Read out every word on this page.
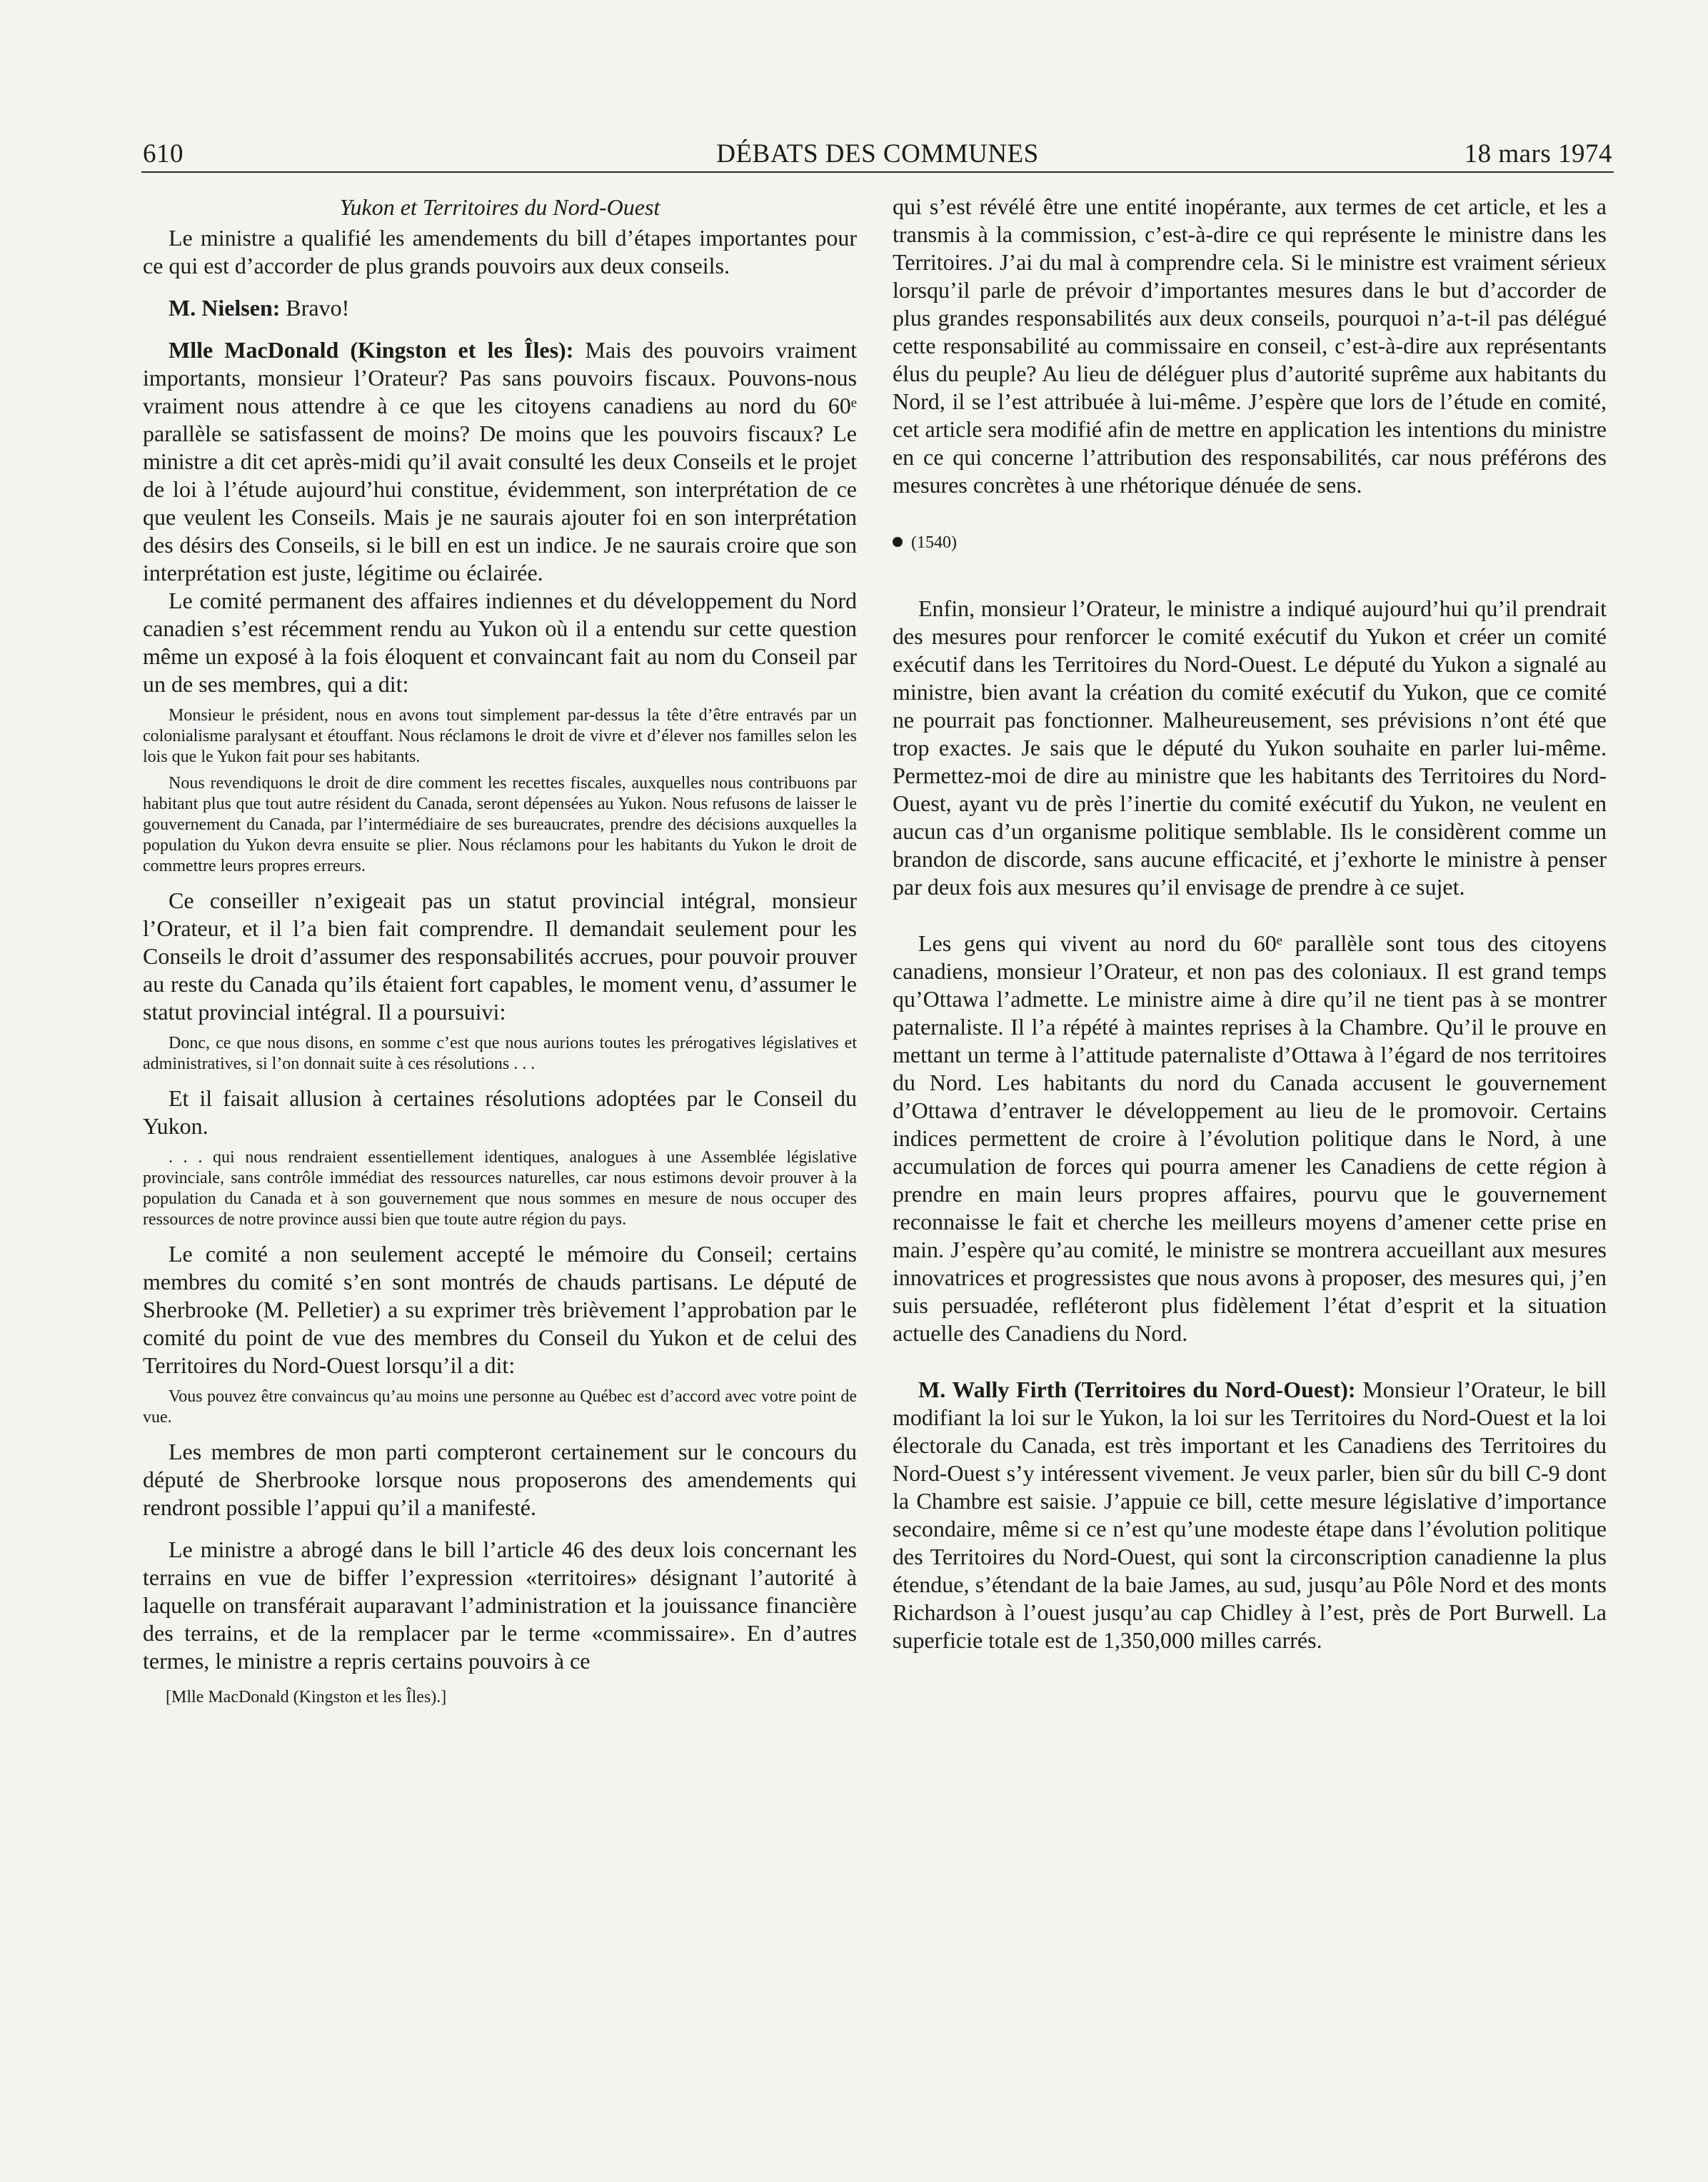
610	DÉBATS DES COMMUNES	18 mars 1974
Yukon et Territoires du Nord-Ouest

Le ministre a qualifié les amendements du bill d’étapes importantes pour ce qui est d’accorder de plus grands pouvoirs aux deux conseils.

M. Nielsen: Bravo!

Mlle MacDonald (Kingston et les Îles): Mais des pouvoirs vraiment importants, monsieur l’Orateur? Pas sans pouvoirs fiscaux. Pouvons-nous vraiment nous attendre à ce que les citoyens canadiens au nord du 60ᵉ parallèle se satisfassent de moins? De moins que les pouvoirs fiscaux? Le ministre a dit cet après-midi qu’il avait consulté les deux Conseils et le projet de loi à l’étude aujourd’hui constitue, évidemment, son interprétation de ce que veulent les Conseils. Mais je ne saurais ajouter foi en son interprétation des désirs des Conseils, si le bill en est un indice. Je ne saurais croire que son interprétation est juste, légitime ou éclairée.

Le comité permanent des affaires indiennes et du développement du Nord canadien s’est récemment rendu au Yukon où il a entendu sur cette question même un exposé à la fois éloquent et convaincant fait au nom du Conseil par un de ses membres, qui a dit:

Monsieur le président, nous en avons tout simplement par-dessus la tête d’être entravés par un colonialisme paralysant et étouffant. Nous réclamons le droit de vivre et d’élever nos familles selon les lois que le Yukon fait pour ses habitants.

Nous revendiquons le droit de dire comment les recettes fiscales, auxquelles nous contribuons par habitant plus que tout autre résident du Canada, seront dépensées au Yukon. Nous refusons de laisser le gouvernement du Canada, par l’intermédiaire de ses bureaucrates, prendre des décisions auxquelles la population du Yukon devra ensuite se plier. Nous réclamons pour les habitants du Yukon le droit de commettre leurs propres erreurs.

Ce conseiller n’exigeait pas un statut provincial intégral, monsieur l’Orateur, et il l’a bien fait comprendre. Il demandait seulement pour les Conseils le droit d’assumer des responsabilités accrues, pour pouvoir prouver au reste du Canada qu’ils étaient fort capables, le moment venu, d’assumer le statut provincial intégral. Il a poursuivi:

Donc, ce que nous disons, en somme c’est que nous aurions toutes les prérogatives législatives et administratives, si l’on donnait suite à ces résolutions . . .

Et il faisait allusion à certaines résolutions adoptées par le Conseil du Yukon.

. . . qui nous rendraient essentiellement identiques, analogues à une Assemblée législative provinciale, sans contrôle immédiat des ressources naturelles, car nous estimons devoir prouver à la population du Canada et à son gouvernement que nous sommes en mesure de nous occuper des ressources de notre province aussi bien que toute autre région du pays.

Le comité a non seulement accepté le mémoire du Conseil; certains membres du comité s’en sont montrés de chauds partisans. Le député de Sherbrooke (M. Pelletier) a su exprimer très brièvement l’approbation par le comité du point de vue des membres du Conseil du Yukon et de celui des Territoires du Nord-Ouest lorsqu’il a dit:

Vous pouvez être convaincus qu’au moins une personne au Québec est d’accord avec votre point de vue.

Les membres de mon parti compteront certainement sur le concours du député de Sherbrooke lorsque nous proposerons des amendements qui rendront possible l’appui qu’il a manifesté.

Le ministre a abrogé dans le bill l’article 46 des deux lois concernant les terrains en vue de biffer l’expression «territoires» désignant l’autorité à laquelle on transférait auparavant l’administration et la jouissance financière des terrains, et de la remplacer par le terme «commissaire». En d’autres termes, le ministre a repris certains pouvoirs à ce

[Mlle MacDonald (Kingston et les Îles).]

qui s’est révélé être une entité inopérante, aux termes de cet article, et les a transmis à la commission, c’est-à-dire ce qui représente le ministre dans les Territoires. J’ai du mal à comprendre cela. Si le ministre est vraiment sérieux lorsqu’il parle de prévoir d’importantes mesures dans le but d’accorder de plus grandes responsabilités aux deux conseils, pourquoi n’a-t-il pas délégué cette responsabilité au commissaire en conseil, c’est-à-dire aux représentants élus du peuple? Au lieu de déléguer plus d’autorité suprême aux habitants du Nord, il se l’est attribuée à lui-même. J’espère que lors de l’étude en comité, cet article sera modifié afin de mettre en application les intentions du ministre en ce qui concerne l’attribution des responsabilités, car nous préférons des mesures concrètes à une rhétorique dénuée de sens.

(1540)

Enfin, monsieur l’Orateur, le ministre a indiqué aujourd’hui qu’il prendrait des mesures pour renforcer le comité exécutif du Yukon et créer un comité exécutif dans les Territoires du Nord-Ouest. Le député du Yukon a signalé au ministre, bien avant la création du comité exécutif du Yukon, que ce comité ne pourrait pas fonctionner. Malheureusement, ses prévisions n’ont été que trop exactes. Je sais que le député du Yukon souhaite en parler lui-même. Permettez-moi de dire au ministre que les habitants des Territoires du Nord-Ouest, ayant vu de près l’inertie du comité exécutif du Yukon, ne veulent en aucun cas d’un organisme politique semblable. Ils le considèrent comme un brandon de discorde, sans aucune efficacité, et j’exhorte le ministre à penser par deux fois aux mesures qu’il envisage de prendre à ce sujet.

Les gens qui vivent au nord du 60ᵉ parallèle sont tous des citoyens canadiens, monsieur l’Orateur, et non pas des coloniaux. Il est grand temps qu’Ottawa l’admette. Le ministre aime à dire qu’il ne tient pas à se montrer paternaliste. Il l’a répété à maintes reprises à la Chambre. Qu’il le prouve en mettant un terme à l’attitude paternaliste d’Ottawa à l’égard de nos territoires du Nord. Les habitants du nord du Canada accusent le gouvernement d’Ottawa d’entraver le développement au lieu de le promovoir. Certains indices permettent de croire à l’évolution politique dans le Nord, à une accumulation de forces qui pourra amener les Canadiens de cette région à prendre en main leurs propres affaires, pourvu que le gouvernement reconnaisse le fait et cherche les meilleurs moyens d’amener cette prise en main. J’espère qu’au comité, le ministre se montrera accueillant aux mesures innovatrices et progressistes que nous avons à proposer, des mesures qui, j’en suis persuadée, refléteront plus fidèlement l’état d’esprit et la situation actuelle des Canadiens du Nord.

M. Wally Firth (Territoires du Nord-Ouest): Monsieur l’Orateur, le bill modifiant la loi sur le Yukon, la loi sur les Territoires du Nord-Ouest et la loi électorale du Canada, est très important et les Canadiens des Territoires du Nord-Ouest s’y intéressent vivement. Je veux parler, bien sûr du bill C-9 dont la Chambre est saisie. J’appuie ce bill, cette mesure législative d’importance secondaire, même si ce n’est qu’une modeste étape dans l’évolution politique des Territoires du Nord-Ouest, qui sont la circonscription canadienne la plus étendue, s’étendant de la baie James, au sud, jusqu’au Pôle Nord et des monts Richardson à l’ouest jusqu’au cap Chidley à l’est, près de Port Burwell. La superficie totale est de 1,350,000 milles carrés.
